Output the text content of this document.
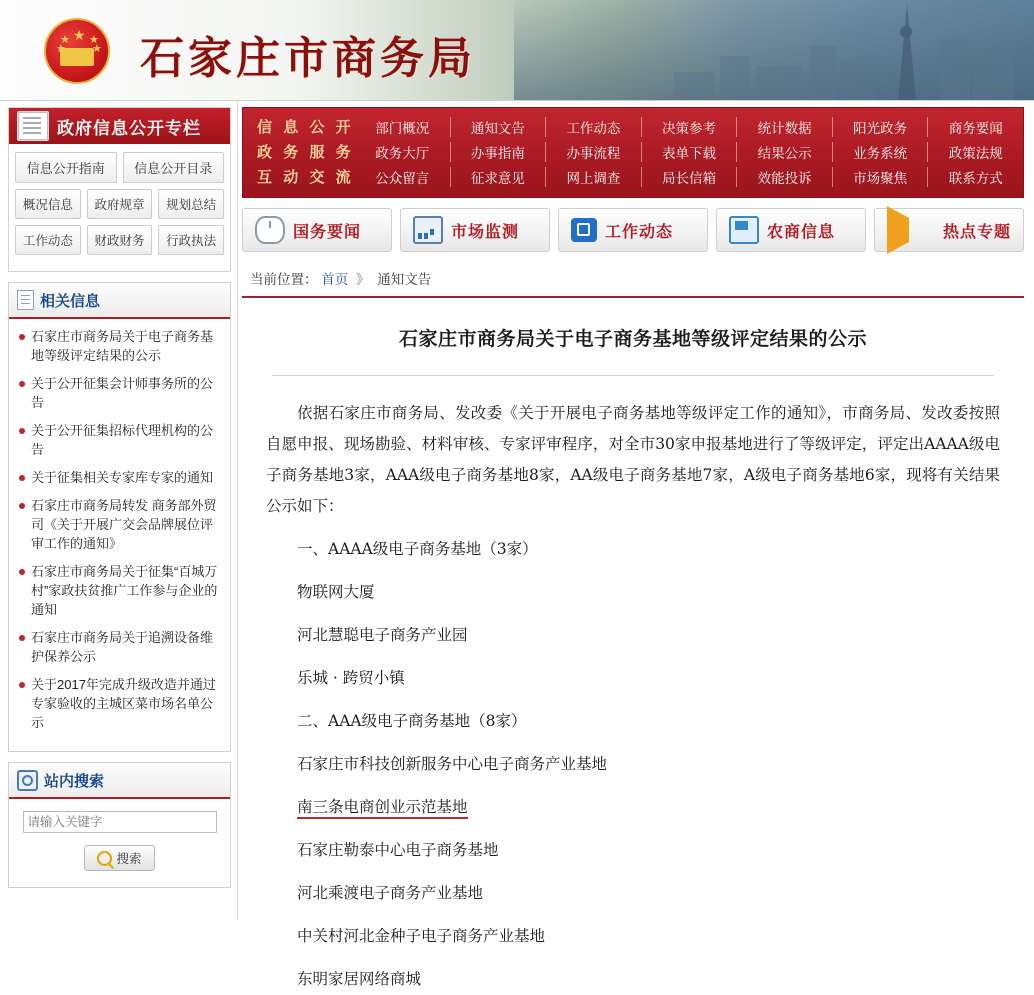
★
★
★
★
★ 石家庄市商务局
政府信息公开专栏
信息公开指南	信息公开目录
概况信息	政府规章	规划总结
工作动态	财政财务	行政执法
相关信息
石家庄市商务局关于电子商务基地等级评定结果的公示
关于公开征集会计师事务所的公告
关于公开征集招标代理机构的公告
关于征集相关专家库专家的通知
石家庄市商务局转发 商务部外贸司《关于开展广交会品牌展位评审工作的通知》
石家庄市商务局关于征集“百城万村”家政扶贫推广工作参与企业的通知
石家庄市商务局关于追溯设备维护保养公示
关于2017年完成升级改造并通过专家验收的主城区菜市场名单公示
站内搜索
请输入关键字
搜索
信 息 公 开	部门概况	通知文告	工作动态	决策参考	统计数据	阳光政务	商务要闻
政 务 服 务	政务大厅	办事指南	办事流程	表单下载	结果公示	业务系统	政策法规
互 动 交 流	公众留言	征求意见	网上调查	局长信箱	效能投诉	市场聚焦	联系方式
国务要闻	市场监测	工作动态	农商信息	热点专题
当前位置： 首页 》 通知文告
石家庄市商务局关于电子商务基地等级评定结果的公示
依据石家庄市商务局、发改委《关于开展电子商务基地等级评定工作的通知》，市商务局、发改委按照自愿申报、现场勘验、材料审核、专家评审程序，对全市30家申报基地进行了等级评定，评定出AAAA级电子商务基地3家，AAA级电子商务基地8家，AA级电子商务基地7家，A级电子商务基地6家，现将有关结果公示如下：
一、AAAA级电子商务基地（3家）
物联网大厦
河北慧聪电子商务产业园
乐城 · 跨贸小镇
二、AAA级电子商务基地（8家）
石家庄市科技创新服务中心电子商务产业基地
南三条电商创业示范基地
石家庄勒泰中心电子商务基地
河北乘渡电子商务产业基地
中关村河北金种子电子商务产业基地
东明家居网络商城
